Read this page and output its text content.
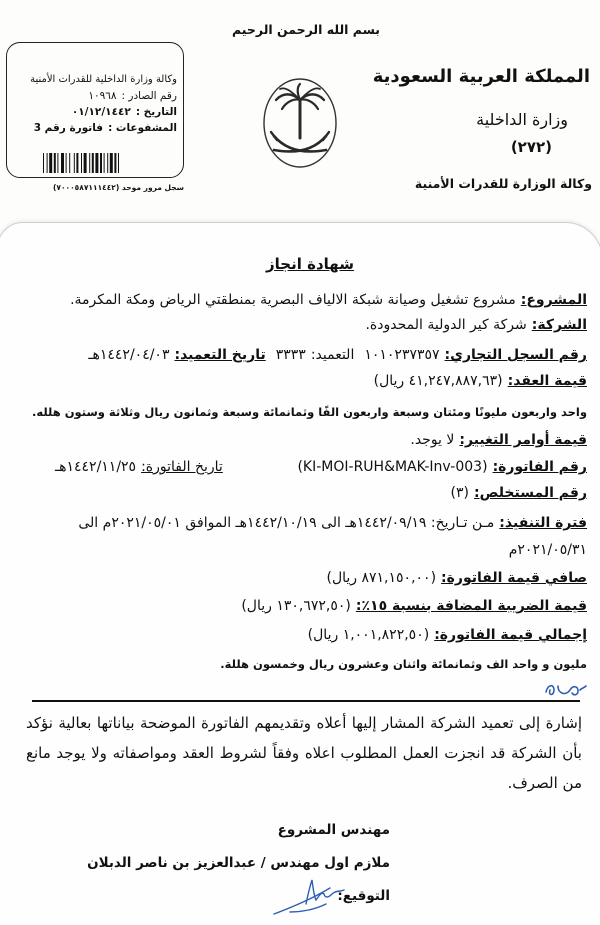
بسم الله الرحمن الرحيم
المملكة العربية السعودية
وزارة الداخلية
(٢٧٢)
وكالة الوزارة للقدرات الأمنية
وكالة وزارة الداخلية للقدرات الأمنية
رقم الصادر :١٠٩٦٨
التاريخ :٠١/١٢/١٤٤٢
المشفوعات :فاتورة رقم 3
سجل مرور موحد (٧٠٠٠٥٨٧١١١٤٤٢)
شهادة انجاز
المشروع:مشروع تشغيل وصيانة شبكة الالياف البصرية بمنطقتي الرياض ومكة المكرمة.
الشركة:شركة كير الدولية المحدودة.
رقم السجل التجاري:١٠١٠٢٣٧٣٥٧التعميد:٣٣٣٣تاريخ التعميد:١٤٤٢/٠٤/٠٣هـ
قيمة العقد:(٤١,٢٤٧,٨٨٧,٦٣ ريال)
واحد واربعون مليونًا ومئتان وسبعة واربعون الفًا وثمانمائة وسبعة وثمانون ريال وثلاثة وستون هلله.
قيمة أوامر التغيير:لا يوجد.
رقم الفاتورة:(KI-MOI-RUH&MAK-Inv-003)
تاريخ الفاتورة:١٤٤٢/١١/٢٥هـ
رقم المستخلص:(٣)
فترة التنفيذ:مـن تـاريخ: ١٤٤٢/٠٩/١٩هـ الى ١٤٤٢/١٠/١٩هـ الموافق ٢٠٢١/٠٥/٠١م الى ٢٠٢١/٠٥/٣١م
صافي قيمة الفاتورة:(٨٧١,١٥٠,٠٠ ريال)
قيمة الضريبة المضافة بنسبة ١٥٪:(١٣٠,٦٧٢,٥٠ ريال)
إجمالي قيمة الفاتورة:(١,٠٠١,٨٢٢,٥٠ ريال)
مليون و واحد الف وثمانمائة واثنان وعشرون ريال وخمسون هللة.
إشارة إلى تعميد الشركة المشار إليها أعلاه وتقديمهم الفاتورة الموضحة بياناتها بعالية نؤكد بأن الشركة قد انجزت العمل المطلوب اعلاه وفقاً لشروط العقد ومواصفاته ولا يوجد مانع من الصرف.
مهندس المشروع
ملازم اول مهندس / عبدالعزيز بن ناصر الدبلان
التوقيع:
